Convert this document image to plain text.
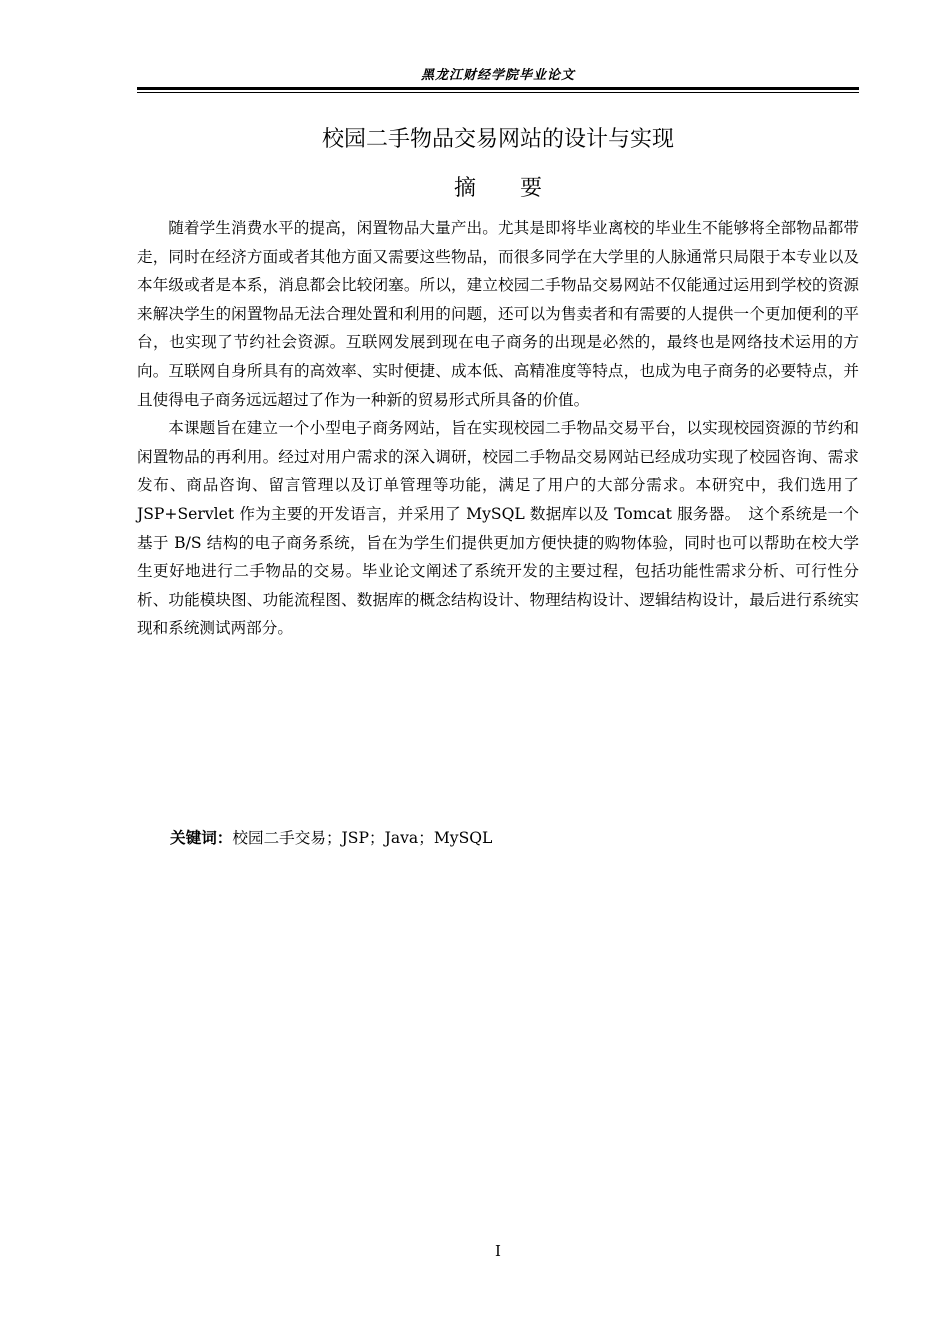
黑龙江财经学院毕业论文
校园二手物品交易网站的设计与实现
摘 要

随着学生消费水平的提高，闲置物品大量产出。尤其是即将毕业离校的毕业生不能够将全部物品都带走，同时在经济方面或者其他方面又需要这些物品，而很多同学在大学里的人脉通常只局限于本专业以及本年级或者是本系，消息都会比较闭塞。所以，建立校园二手物品交易网站不仅能通过运用到学校的资源来解决学生的闲置物品无法合理处置和利用的问题，还可以为售卖者和有需要的人提供一个更加便利的平台，也实现了节约社会资源。互联网发展到现在电子商务的出现是必然的，最终也是网络技术运用的方向。互联网自身所具有的高效率、实时便捷、成本低、高精准度等特点，也成为电子商务的必要特点，并且使得电子商务远远超过了作为一种新的贸易形式所具备的价值。

本课题旨在建立一个小型电子商务网站，旨在实现校园二手物品交易平台，以实现校园资源的节约和闲置物品的再利用。经过对用户需求的深入调研，校园二手物品交易网站已经成功实现了校园咨询、需求发布、商品咨询、留言管理以及订单管理等功能，满足了用户的大部分需求。本研究中，我们选用了 JSP+Servlet 作为主要的开发语言，并采用了 MySQL 数据库以及 Tomcat 服务器。　这个系统是一个基于 B/S 结构的电子商务系统，旨在为学生们提供更加方便快捷的购物体验，同时也可以帮助在校大学生更好地进行二手物品的交易。毕业论文阐述了系统开发的主要过程，包括功能性需求分析、可行性分析、功能模块图、功能流程图、数据库的概念结构设计、物理结构设计、逻辑结构设计，最后进行系统实现和系统测试两部分。

关键词：校园二手交易；JSP；Java；MySQL
I
